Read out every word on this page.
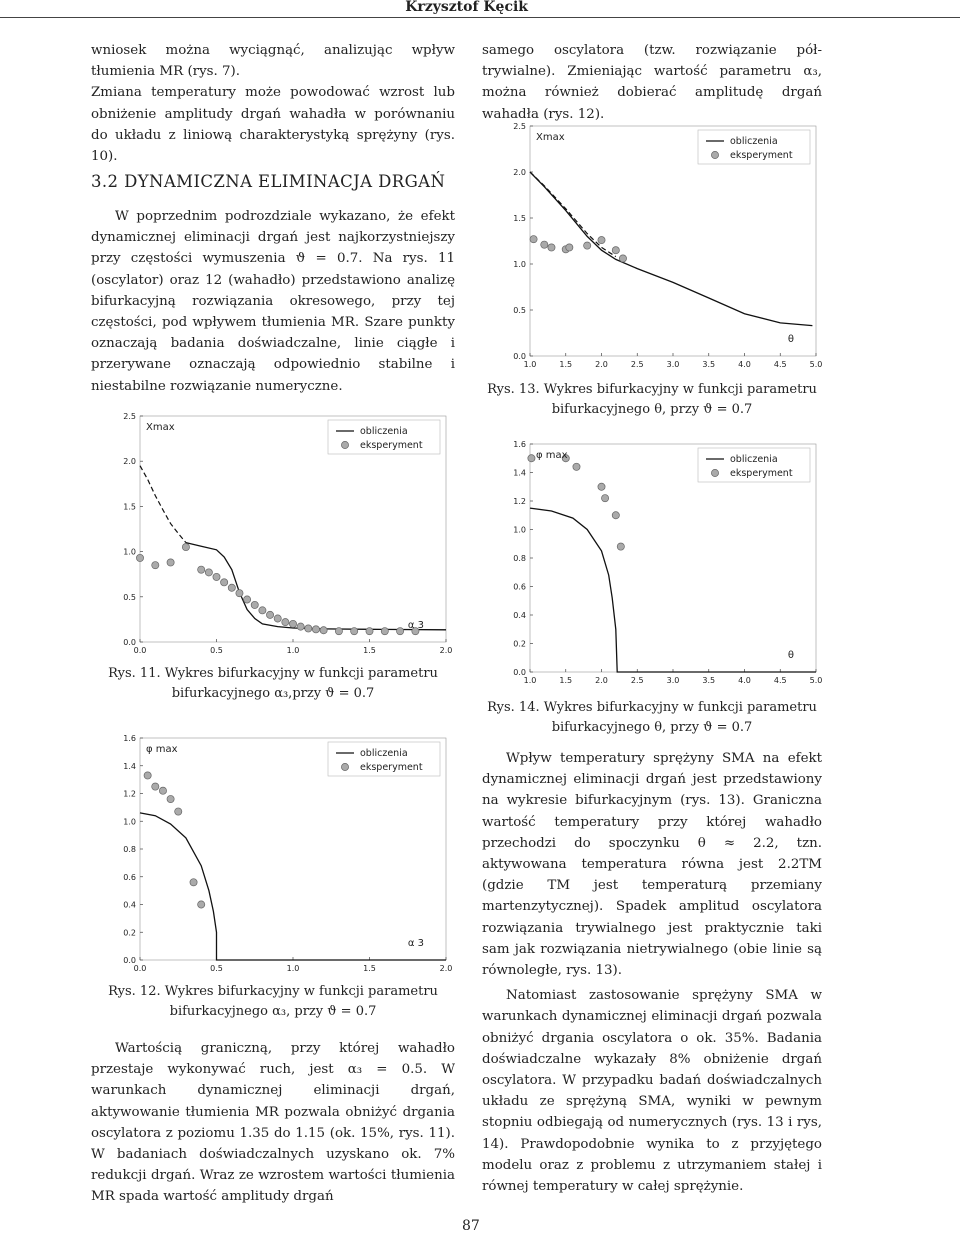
Krzysztof Kęcik

wniosek można wyciągnąć, analizując wpływ tłumienia MR (rys. 7).

Zmiana temperatury może powodować wzrost lub obniżenie amplitudy drgań wahadła w porównaniu do układu z liniową charakterystyką sprężyny (rys. 10).

3.2 DYNAMICZNA ELIMINACJA DRGAŃ

W poprzednim podrozdziale wykazano, że efekt dynamicznej eliminacji drgań jest najkorzystniejszy przy częstości wymuszenia ϑ = 0.7. Na rys. 11 (oscylator) oraz 12 (wahadło) przedstawiono analizę bifurkacyjną rozwiązania okresowego, przy tej częstości, pod wpływem tłumienia MR. Szare punkty oznaczają badania doświadczalne, linie ciągłe i przerywane oznaczają odpowiednio stabilne i niestabilne rozwiązanie numeryczne.

0.0
0.5
1.0
1.5
2.0
2.5
0.0	0.5	1.0	1.5	2.0
Xmax
α 3
obliczenia
eksperyment
Rys. 11. Wykres bifurkacyjny w funkcji parametru bifurkacyjnego α₃,przy ϑ = 0.7
0.0
0.2
0.4
0.6
0.8
1.0
1.2
1.4
1.6
0.0	0.5	1.0	1.5	2.0
φ max
α 3
obliczenia
eksperyment
Rys. 12. Wykres bifurkacyjny w funkcji parametru bifurkacyjnego α₃, przy ϑ = 0.7

Wartością graniczną, przy której wahadło przestaje wykonywać ruch, jest α₃ = 0.5. W warunkach dynamicznej eliminacji drgań, aktywowanie tłumienia MR pozwala obniżyć drgania oscylatora z poziomu 1.35 do 1.15 (ok. 15%, rys. 11). W badaniach doświadczalnych uzyskano ok. 7% redukcji drgań. Wraz ze wzrostem wartości tłumienia MR spada wartość amplitudy drgań

samego oscylatora (tzw. rozwiązanie pół-trywialne). Zmieniając wartość parametru α₃, można również dobierać amplitudę drgań wahadła (rys. 12).

0.0
0.5
1.0
1.5
2.0
2.5
1.0	1.5	2.0	2.5	3.0	3.5	4.0	4.5	5.0
Xmax
θ
obliczenia
eksperyment
Rys. 13. Wykres bifurkacyjny w funkcji parametru bifurkacyjnego θ, przy ϑ = 0.7
0.0
0.2
0.4
0.6
0.8
1.0
1.2
1.4
1.6
1.0	1.5	2.0	2.5	3.0	3.5	4.0	4.5	5.0
φ max
θ
obliczenia
eksperyment
Rys. 14. Wykres bifurkacyjny w funkcji parametru bifurkacyjnego θ, przy ϑ = 0.7

Wpływ temperatury sprężyny SMA na efekt dynamicznej eliminacji drgań jest przedstawiony na wykresie bifurkacyjnym (rys. 13). Graniczna wartość temperatury przy której wahadło przechodzi do spoczynku θ ≈ 2.2, tzn. aktywowana temperatura równa jest 2.2TM (gdzie TM jest temperaturą przemiany martenzytycznej). Spadek amplitud oscylatora rozwiązania trywialnego jest praktycznie taki sam jak rozwiązania nietrywialnego (obie linie są równoległe, rys. 13).

Natomiast zastosowanie sprężyny SMA w warunkach dynamicznej eliminacji drgań pozwala obniżyć drgania oscylatora o ok. 35%. Badania doświadczalne wykazały 8% obniżenie drgań oscylatora. W przypadku badań doświadczalnych układu ze sprężyną SMA, wyniki w pewnym stopniu odbiegają od numerycznych (rys. 13 i rys, 14). Prawdopodobnie wynika to z przyjętego modelu oraz z problemu z utrzymaniem stałej i równej temperatury w całej sprężynie.

87
